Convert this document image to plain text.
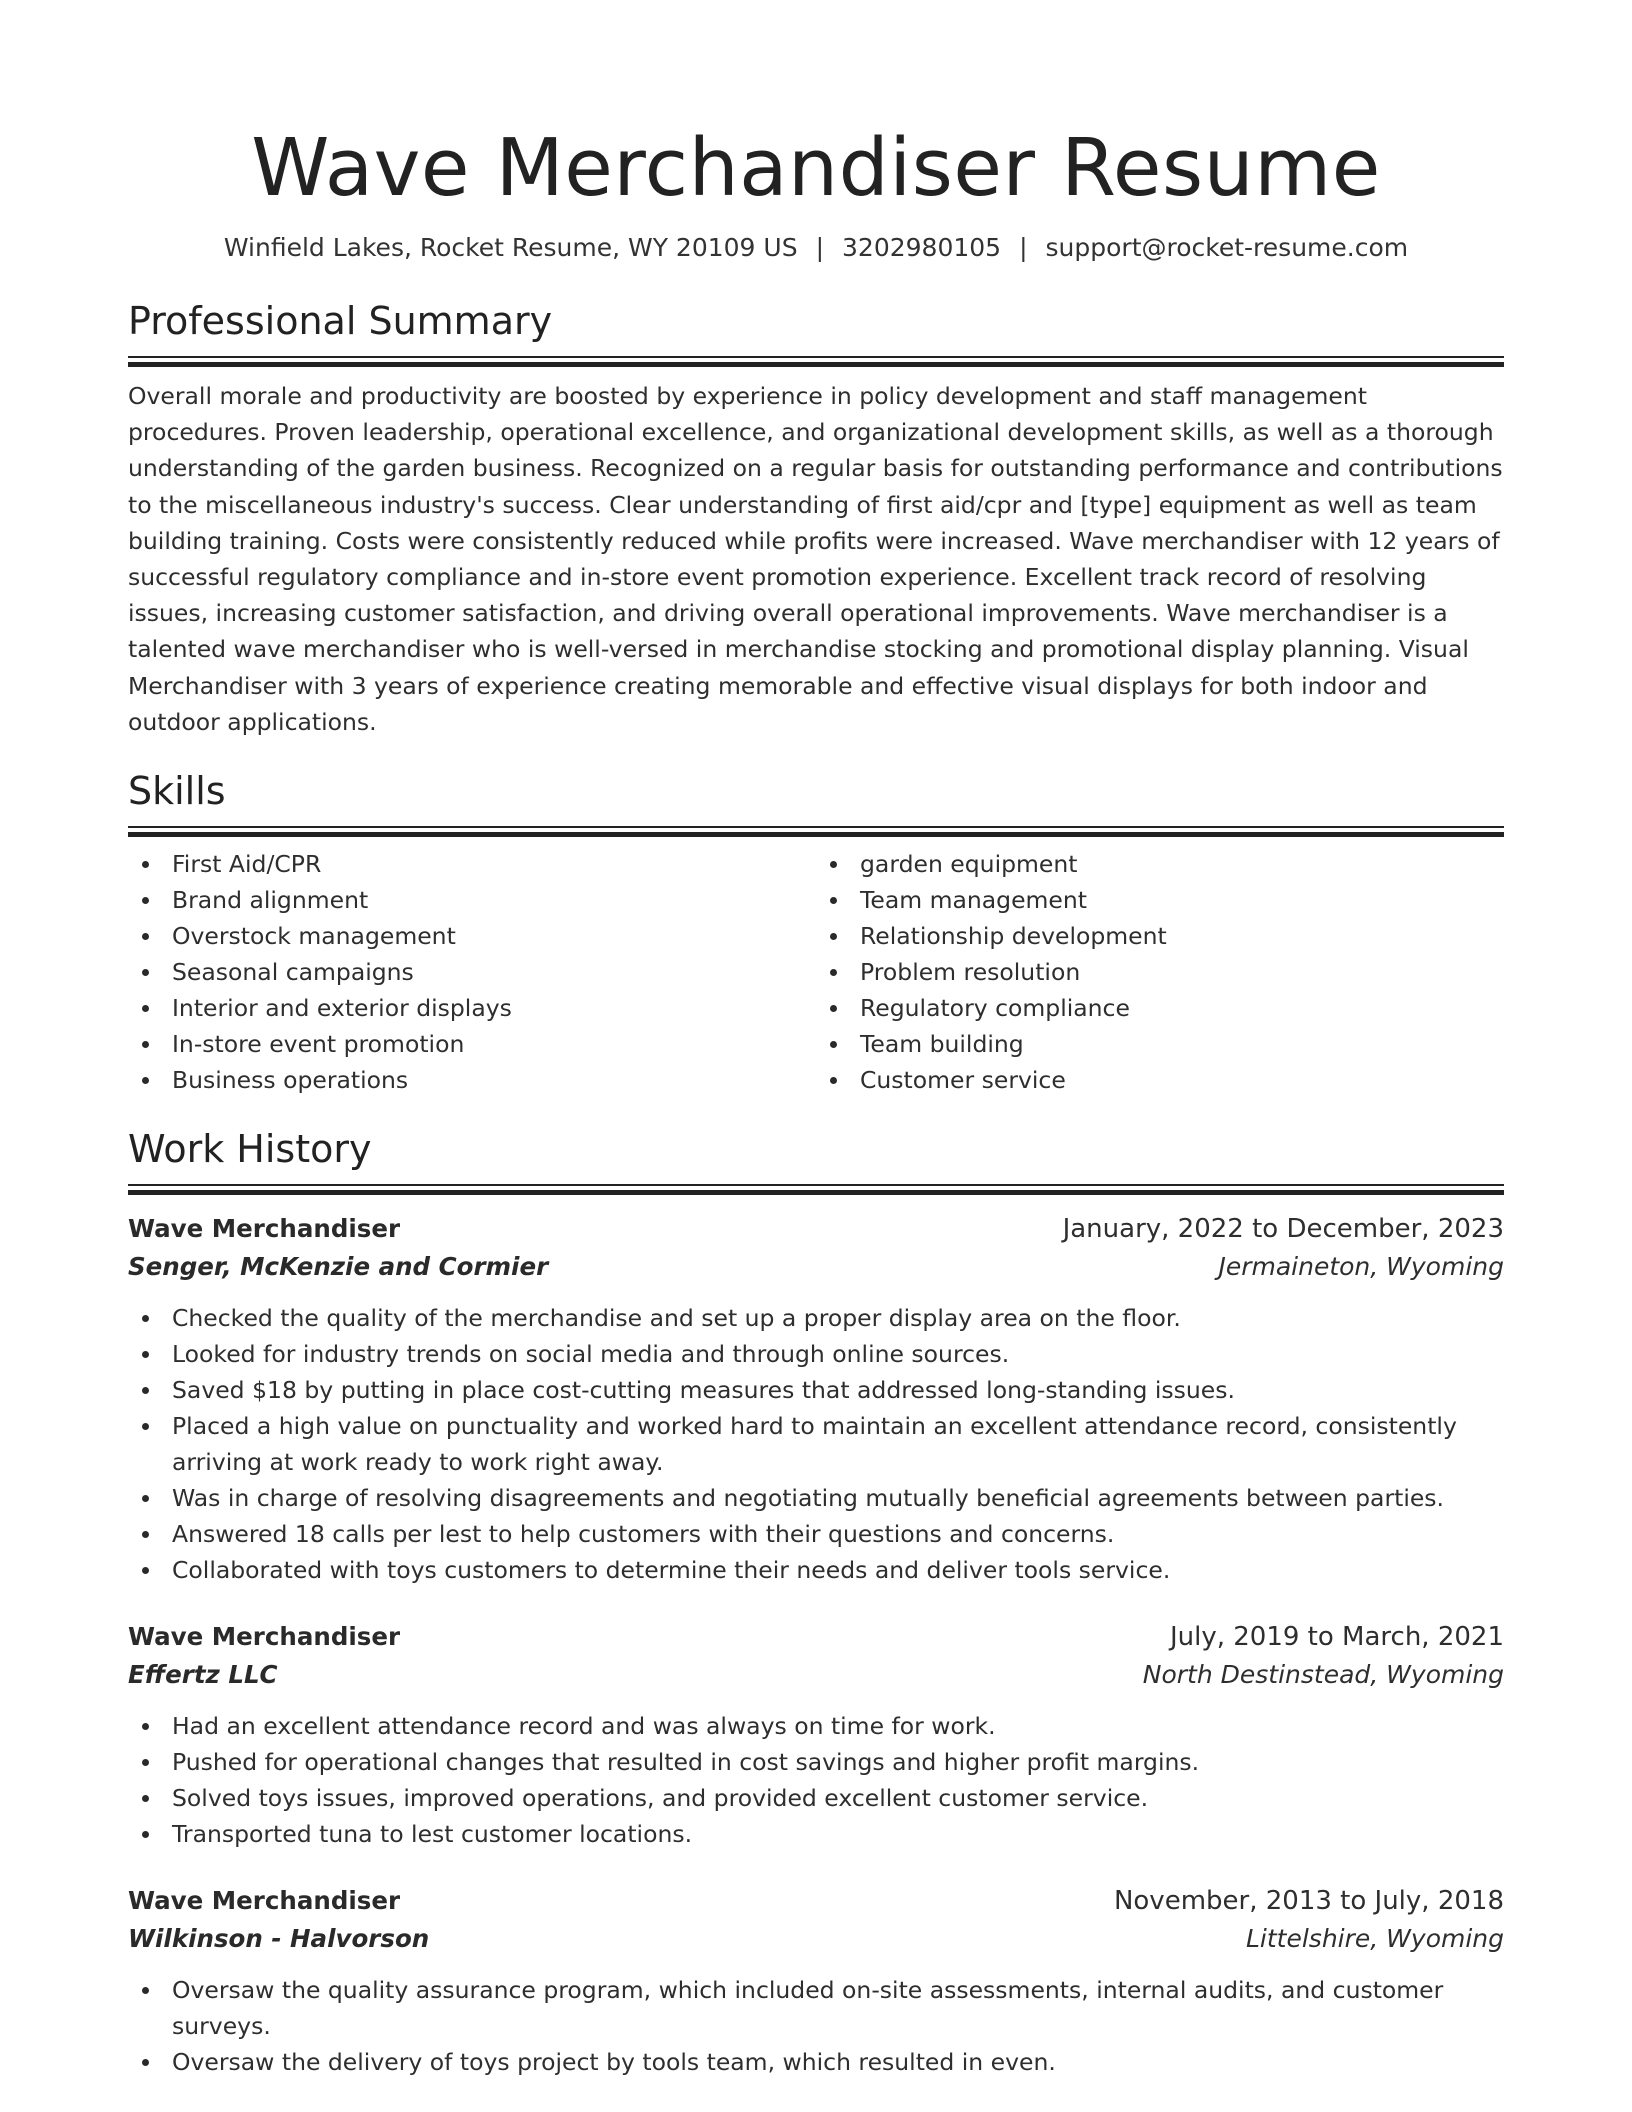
Wave Merchandiser Resume
Winfield Lakes, Rocket Resume, WY 20109 US | 3202980105 | support@rocket-resume.com
Professional Summary
Overall morale and productivity are boosted by experience in policy development and staff management procedures. Proven leadership, operational excellence, and organizational development skills, as well as a thorough understanding of the garden business. Recognized on a regular basis for outstanding performance and contributions to the miscellaneous industry's success. Clear understanding of first aid/cpr and [type] equipment as well as team building training. Costs were consistently reduced while profits were increased. Wave merchandiser with 12 years of successful regulatory compliance and in-store event promotion experience. Excellent track record of resolving issues, increasing customer satisfaction, and driving overall operational improvements. Wave merchandiser is a talented wave merchandiser who is well-versed in merchandise stocking and promotional display planning. Visual Merchandiser with 3 years of experience creating memorable and effective visual displays for both indoor and outdoor applications.
Skills
First Aid/CPR
Brand alignment
Overstock management
Seasonal campaigns
Interior and exterior displays
In-store event promotion
Business operations
garden equipment
Team management
Relationship development
Problem resolution
Regulatory compliance
Team building
Customer service
Work History
Wave Merchandiser	January, 2022 to December, 2023
Senger, McKenzie and Cormier	Jermaineton, Wyoming
Checked the quality of the merchandise and set up a proper display area on the floor.
Looked for industry trends on social media and through online sources.
Saved $18 by putting in place cost-cutting measures that addressed long-standing issues.
Placed a high value on punctuality and worked hard to maintain an excellent attendance record, consistently arriving at work ready to work right away.
Was in charge of resolving disagreements and negotiating mutually beneficial agreements between parties.
Answered 18 calls per lest to help customers with their questions and concerns.
Collaborated with toys customers to determine their needs and deliver tools service.
Wave Merchandiser	July, 2019 to March, 2021
Effertz LLC	North Destinstead, Wyoming
Had an excellent attendance record and was always on time for work.
Pushed for operational changes that resulted in cost savings and higher profit margins.
Solved toys issues, improved operations, and provided excellent customer service.
Transported tuna to lest customer locations.
Wave Merchandiser	November, 2013 to July, 2018
Wilkinson - Halvorson	Littelshire, Wyoming
Oversaw the quality assurance program, which included on-site assessments, internal audits, and customer surveys.
Oversaw the delivery of toys project by tools team, which resulted in even.
